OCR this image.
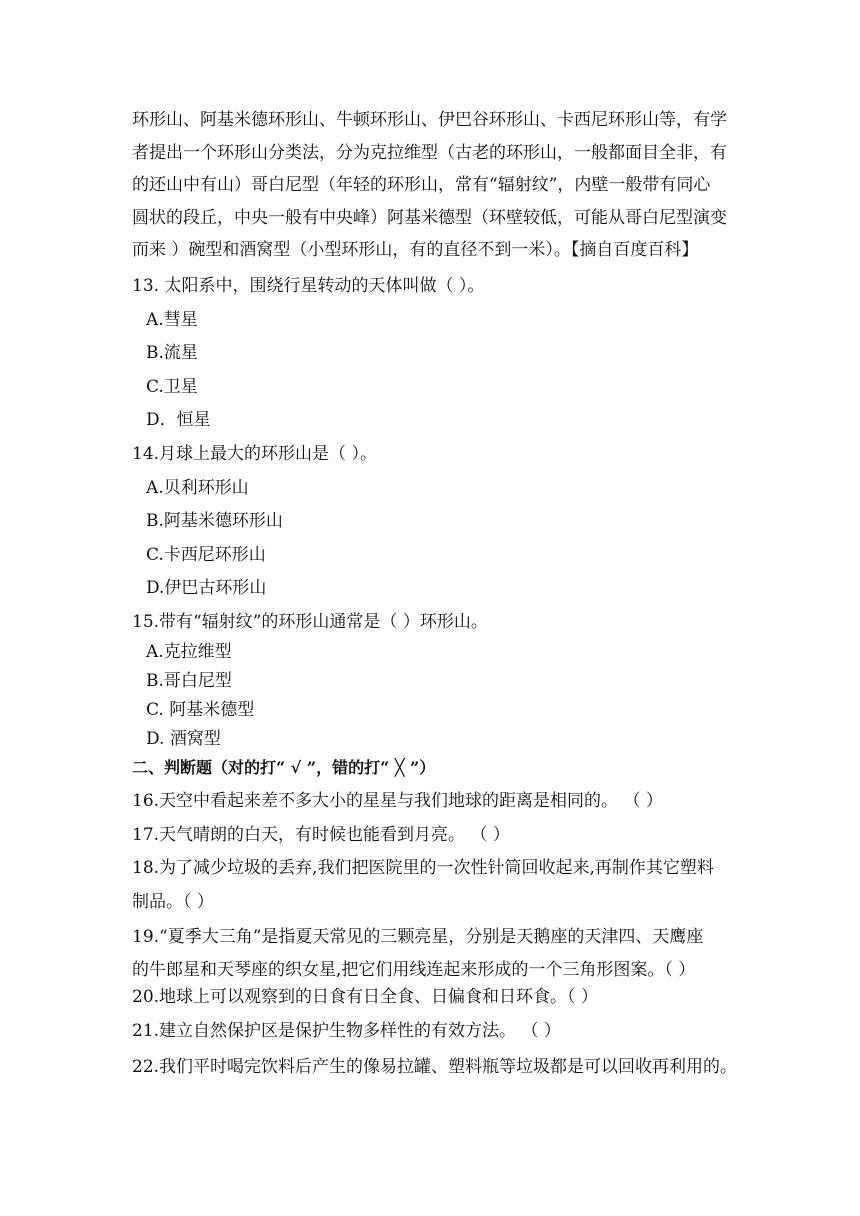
环形山、阿基米德环形山、牛顿环形山、伊巴谷环形山、卡西尼环形山等，有学
者提出一个环形山分类法，分为克拉维型（古老的环形山，一般都面目全非，有
的还山中有山）哥白尼型（年轻的环形山，常有“辐射纹”，内壁一般带有同心
圆状的段丘，中央一般有中央峰）阿基米德型（环壁较低，可能从哥白尼型演变
而来 ）碗型和酒窝型（小型环形山，有的直径不到一米）。【摘自百度百科】
13. 太阳系中，围绕行星转动的天体叫做（ ）。
A.彗星
B.流星
C.卫星
D．恒星
14.月球上最大的环形山是（ ）。
A.贝利环形山
B.阿基米德环形山
C.卡西尼环形山
D.伊巴古环形山
15.带有“辐射纹”的环形山通常是（ ）环形山。
A.克拉维型
B.哥白尼型
C. 阿基米德型
D. 酒窝型
二、判断题（对的打“ √ ”，错的打“ ╳ ”）
16.天空中看起来差不多大小的星星与我们地球的距离是相同的。 （ ）
17.天气晴朗的白天，有时候也能看到月亮。 （ ）
18.为了减少垃圾的丢弃,我们把医院里的一次性针筒回收起来,再制作其它塑料
制品。（ ）
19.“夏季大三角”是指夏天常见的三颗亮星，分别是天鹅座的天津四、天鹰座
的牛郎星和天琴座的织女星,把它们用线连起来形成的一个三角形图案。（ ）
20.地球上可以观察到的日食有日全食、日偏食和日环食。（ ）
21.建立自然保护区是保护生物多样性的有效方法。 （ ）
22.我们平时喝完饮料后产生的像易拉罐、塑料瓶等垃圾都是可以回收再利用的。
